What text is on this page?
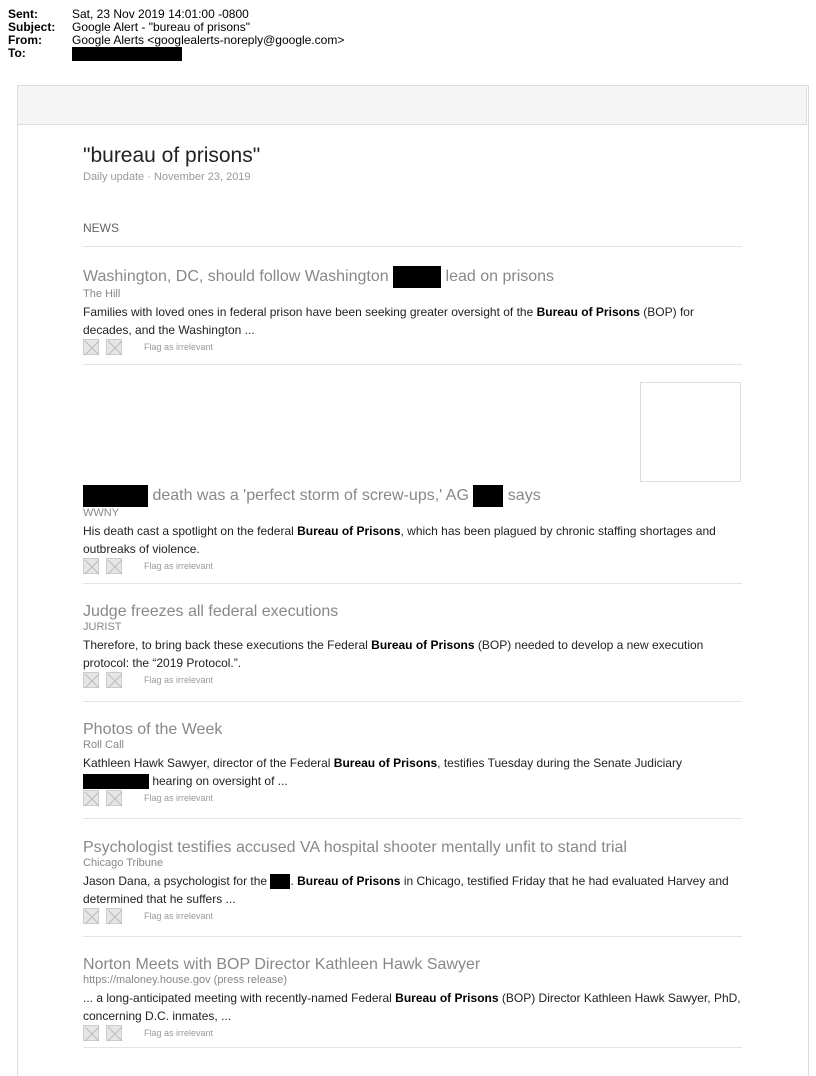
Sent:	Sat, 23 Nov 2019 14:01:00 -0800
Subject:	Google Alert - "bureau of prisons"
From:	Google Alerts <googlealerts-noreply@google.com>
To:
"bureau of prisons"
Daily update · November 23, 2019
NEWS
Washington, DC, should follow Washington	lead on prisons
The Hill
Families with loved ones in federal prison have been seeking greater oversight of the Bureau of Prisons (BOP) for decades, and the Washington ...
Flag as irrelevant
death was a 'perfect storm of screw-ups,' AG  says
WWNY
His death cast a spotlight on the federal Bureau of Prisons, which has been plagued by chronic staffing shortages and outbreaks of violence.
Flag as irrelevant
Judge freezes all federal executions
JURIST
Therefore, to bring back these executions the Federal Bureau of Prisons (BOP) needed to develop a new execution protocol: the “2019 Protocol.”.
Flag as irrelevant
Photos of the Week
Roll Call
Kathleen Hawk Sawyer, director of the Federal Bureau of Prisons, testifies Tuesday during the Senate Judiciary  hearing on oversight of ...
Flag as irrelevant
Psychologist testifies accused VA hospital shooter mentally unfit to stand trial
Chicago Tribune
Jason Dana, a psychologist for the . Bureau of Prisons in Chicago, testified Friday that he had evaluated Harvey and determined that he suffers ...
Flag as irrelevant
Norton Meets with BOP Director Kathleen Hawk Sawyer
https://maloney.house.gov (press release)
... a long-anticipated meeting with recently-named Federal Bureau of Prisons (BOP) Director Kathleen Hawk Sawyer, PhD, concerning D.C. inmates, ...
Flag as irrelevant
